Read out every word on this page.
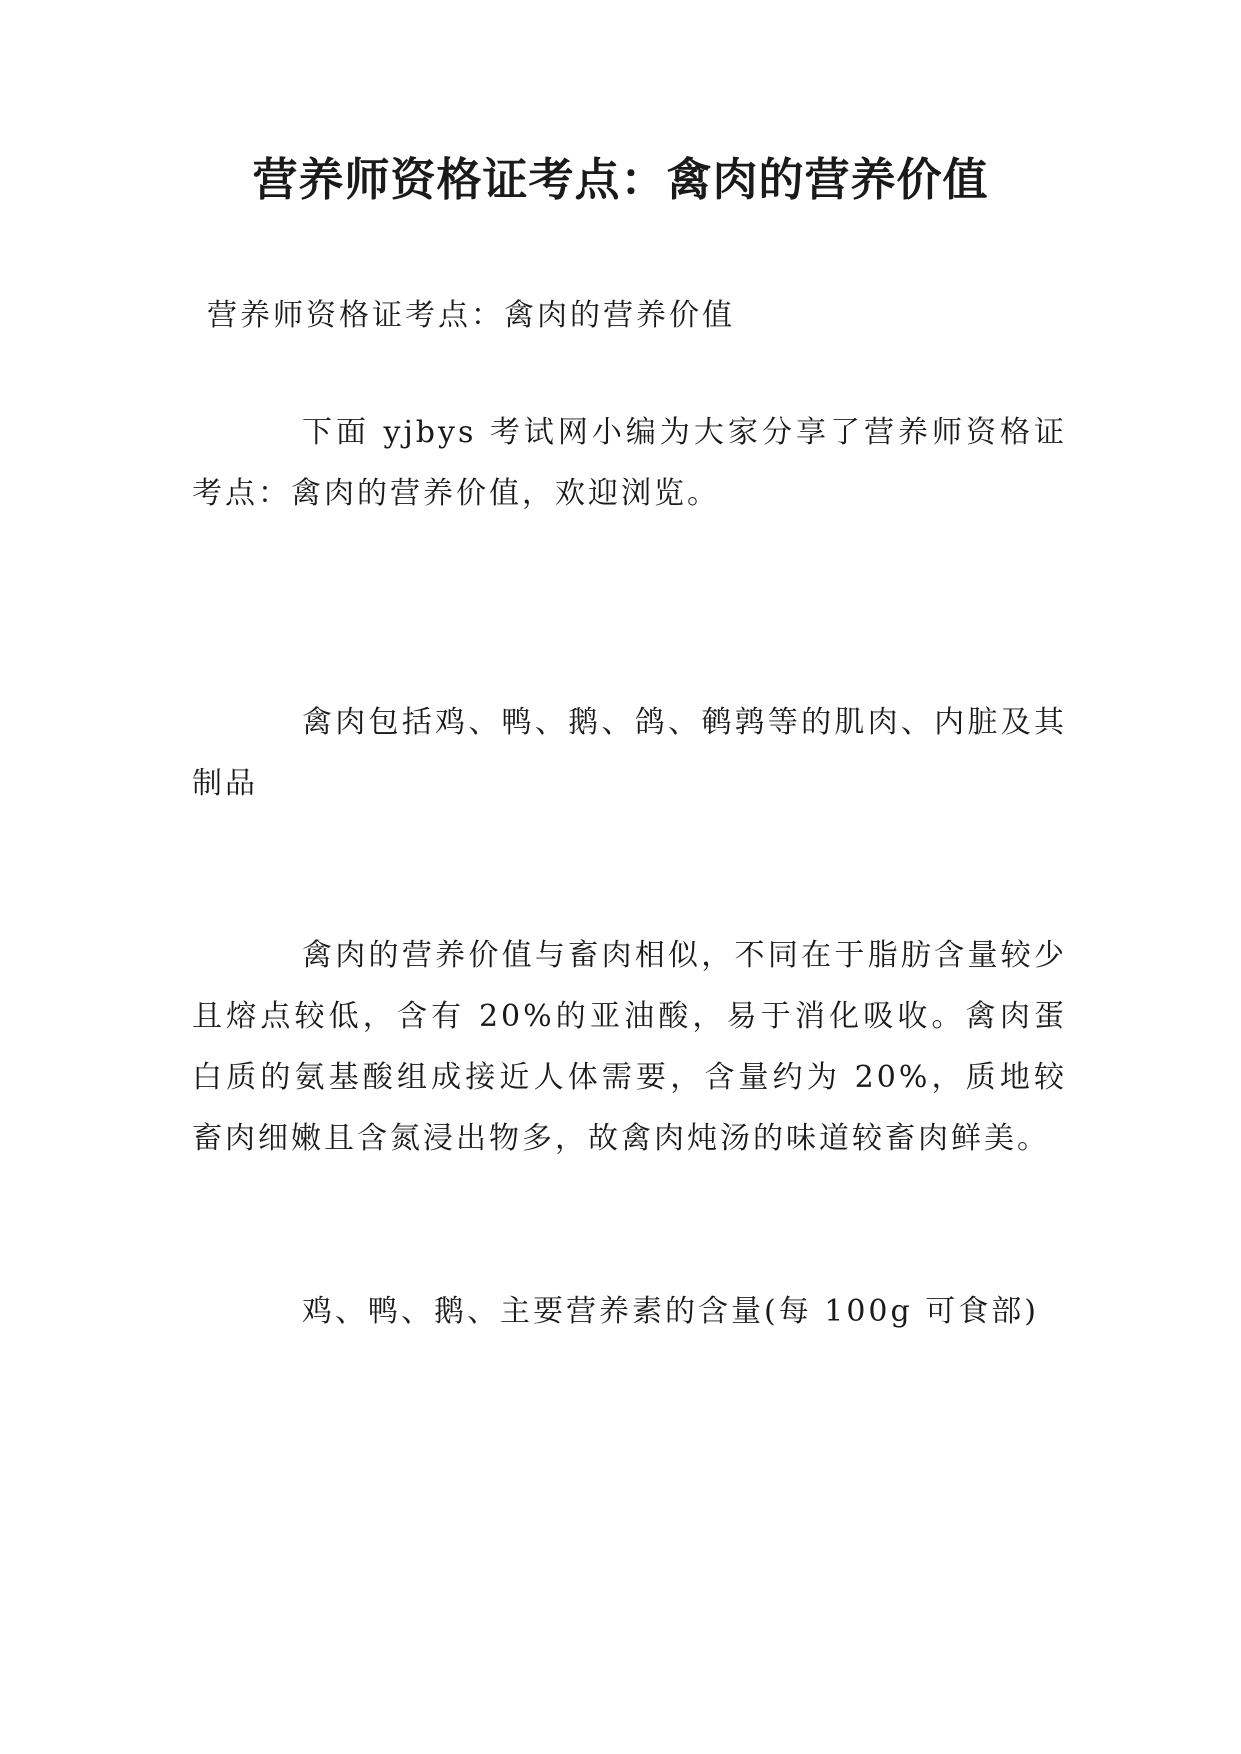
营养师资格证考点：禽肉的营养价值

营养师资格证考点：禽肉的营养价值

下面 yjbys 考试网小编为大家分享了营养师资格证考点：禽肉的营养价值，欢迎浏览。

禽肉包括鸡、鸭、鹅、鸽、鹌鹑等的肌肉、内脏及其制品

禽肉的营养价值与畜肉相似，不同在于脂肪含量较少且熔点较低，含有 20%的亚油酸，易于消化吸收。禽肉蛋白质的氨基酸组成接近人体需要，含量约为 20%，质地较畜肉细嫩且含氮浸出物多，故禽肉炖汤的味道较畜肉鲜美。

鸡、鸭、鹅、主要营养素的含量(每 100g 可食部)
